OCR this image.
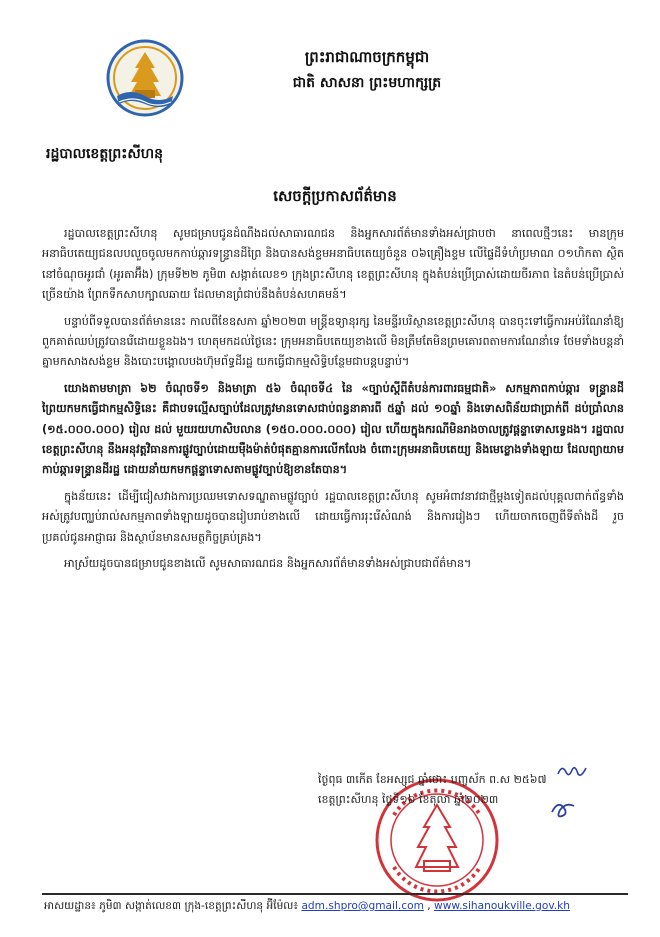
រដ្ឋបាលខេត្តព្រះសីហនុ
ព្រះរាជាណាចក្រកម្ពុជា
ជាតិ សាសនា ព្រះមហាក្សត្រ
សេចក្ដីប្រកាសព័ត៌មាន

រដ្ឋបាលខេត្តព្រះសីហនុ សូមជម្រាបជូនដំណឹងដល់សាធារណជន និងអ្នកសារព័ត៌មានទាំងអស់ជ្រាបថា នាពេលថ្មីៗនេះ មានក្រុមអនាធិបតេយ្យជនលបលួចចូលមកកាប់ឆ្ការទន្ទ្រានដីព្រៃ និងបានសង់ខ្ទមអនាធិបតេយ្យចំនួន ០៦គ្រឿងខ្ទម លើផ្ទៃដីទំហំប្រមាណ ០១ហិកតា ស្ថិតនៅចំណុចអូរជាំ (អូរតាអ៊ឹង) ក្រុមទី២២ ភូមិ៣ សង្កាត់លេខ១ ក្រុងព្រះសីហនុ ខេត្តព្រះសីហនុ ក្នុងតំបន់ប្រើប្រាស់ដោយចីរភាព នៃតំបន់ប្រើប្រាស់ច្រើនយ៉ាង ព្រែកទឹកសាបក្បាលឆាយ ដែលមានព្រំជាប់នឹងតំបន់សហគមន៍។

បន្ទាប់ពីទទួលបានព័ត៌មាននេះ កាលពីខែឧសភា ឆ្នាំ២០២៣ មន្ត្រីឧទ្យានុរក្ស នៃមន្ទីរបរិស្ថានខេត្តព្រះសីហនុ បានចុះទៅធ្វើការអប់រំណែនាំឱ្យពួកគាត់ឈប់ត្រូវបានរើដោយខ្លួនឯង។ ហេតុមកដល់ថ្ងៃនេះ ក្រុមអនាធិបតេយ្យខាងលើ មិនត្រឹមតែមិនព្រមគោរពតាមការណែនាំទេ ថែមទាំងបន្តនាំគ្នាមកសាងសង់ខ្ទម និងបោះបង្គោលបងហ៊ុមព័ទ្ធដីរដ្ឋ យកធ្វើជាកម្មសិទ្ធិបន្ថែមជាបន្តបន្ទាប់។

យោងតាមមាត្រា ៦២ ចំណុចទី១ និងមាត្រា ៥៦ ចំណុចទី៤ នៃ «ច្បាប់ស្ដីពីតំបន់ការពារធម្មជាតិ» សកម្មភាពកាប់ឆ្ការ ទន្ទ្រានដីព្រៃយកមកធ្វើជាកម្មសិទ្ធិនេះ គឺជាបទល្មើសច្បាប់ដែលត្រូវមានទោសជាប់ពន្ធនាគារពី ៥ឆ្នាំ ដល់ ១០ឆ្នាំ និងទោសពិន័យជាប្រាក់ពី ដប់ប្រាំលាន (១៥.០០០.០០០) រៀល ដល់ មួយរយហាសិបលាន (១៥០.០០០.០០០) រៀល ហើយក្នុងករណីមិនរាងចាលត្រូវផ្ដន្ទាទោសទ្វេដង។ រដ្ឋបាលខេត្តព្រះសីហនុ នឹងអនុវត្តវិធានការផ្លូវច្បាប់ដោយម៉ឺងម៉ាត់បំផុតគ្មានការលើកលែង ចំពោះក្រុមអនាធិបតេយ្យ និងមេខ្លោងទាំងឡាយ ដែលព្យាយាមកាប់ឆ្ការទន្ទ្រានដីរដ្ឋ ដោយនាំយកមកផ្ដន្ទាទោសតាមផ្លូវច្បាប់ឱ្យខានតែបាន។

ក្នុងន័យនេះ ដើម្បីជៀសវាងការប្រឈមទោសទណ្ឌតាមផ្លូវច្បាប់ រដ្ឋបាលខេត្តព្រះសីហនុ សូមអំពាវនាវជាថ្មីម្ដងទៀតដល់បុគ្គលពាក់ព័ន្ធទាំងអស់ត្រូវបញ្ឈប់រាល់សកម្មភាពទាំងឡាយដូចបានរៀបរាប់ខាងលើ ដោយធ្វើការរុះរើសំណង់ និងការរៀងៗ ហើយចាកចេញពីទីតាំងដី រួចប្រគល់ជូនអាជ្ញាធរ និងស្ថាប័នមានសមត្ថកិច្ចគ្រប់គ្រង។

អាស្រ័យដូចបានជម្រាបជូនខាងលើ សូមសាធារណជន និងអ្នកសារព័ត៌មានទាំងអស់ជ្រាបជាព័ត៌មាន។

ថ្ងៃពុធ ៣កើត ខែអស្សុជ ឆ្នាំថោះ បញ្ចស័ក ព.ស ២៥៦៧
ខេត្តព្រះសីហនុ ថ្ងៃទី១៦ ខែតុលា ឆ្នាំ២០២៣
អាសយដ្ឋាន៖ ភូមិ៣ សង្កាត់លេខ៣ ក្រុង-ខេត្តព្រះសីហនុ អ៊ីម៉ែល៖ adm.shpro@gmail.com , www.sihanoukville.gov.kh
